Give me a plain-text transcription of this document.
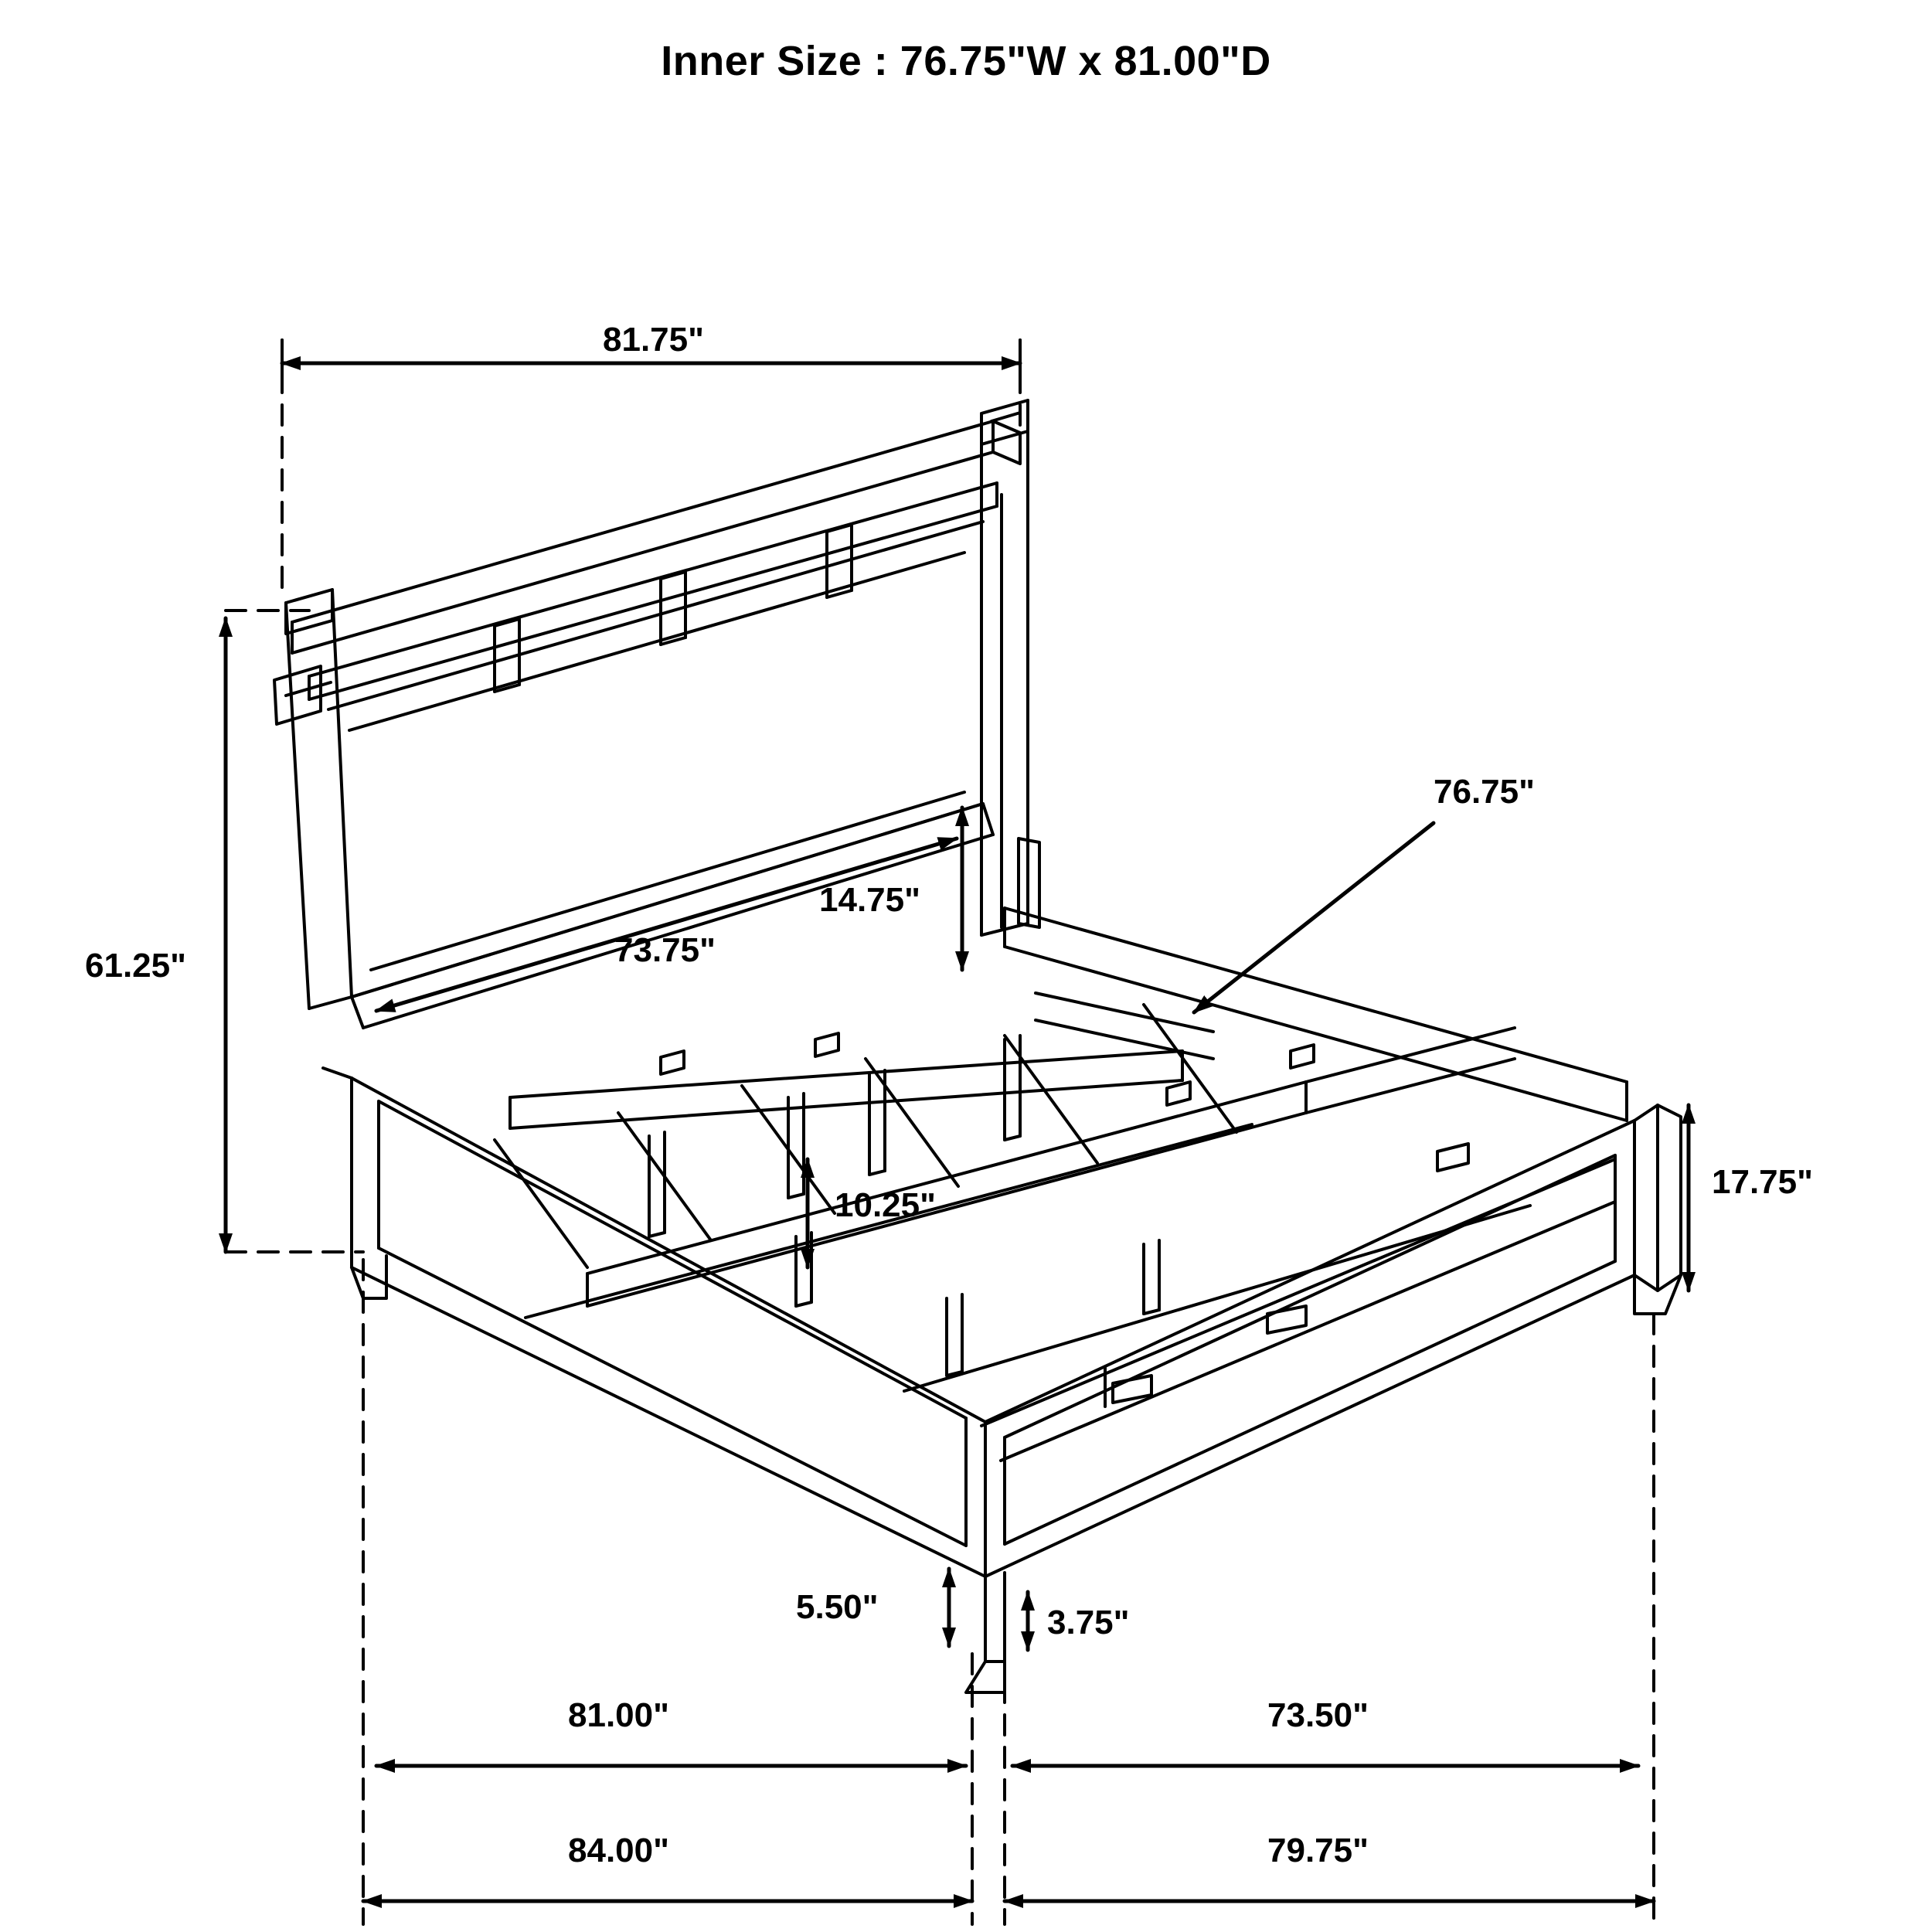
Inner Size : 76.75"W x 81.00"D
81.75"
61.25"
76.75"
14.75"
73.75"
10.25"
17.75"
5.50"	3.75"
81.00"	73.50"
84.00"	79.75"
